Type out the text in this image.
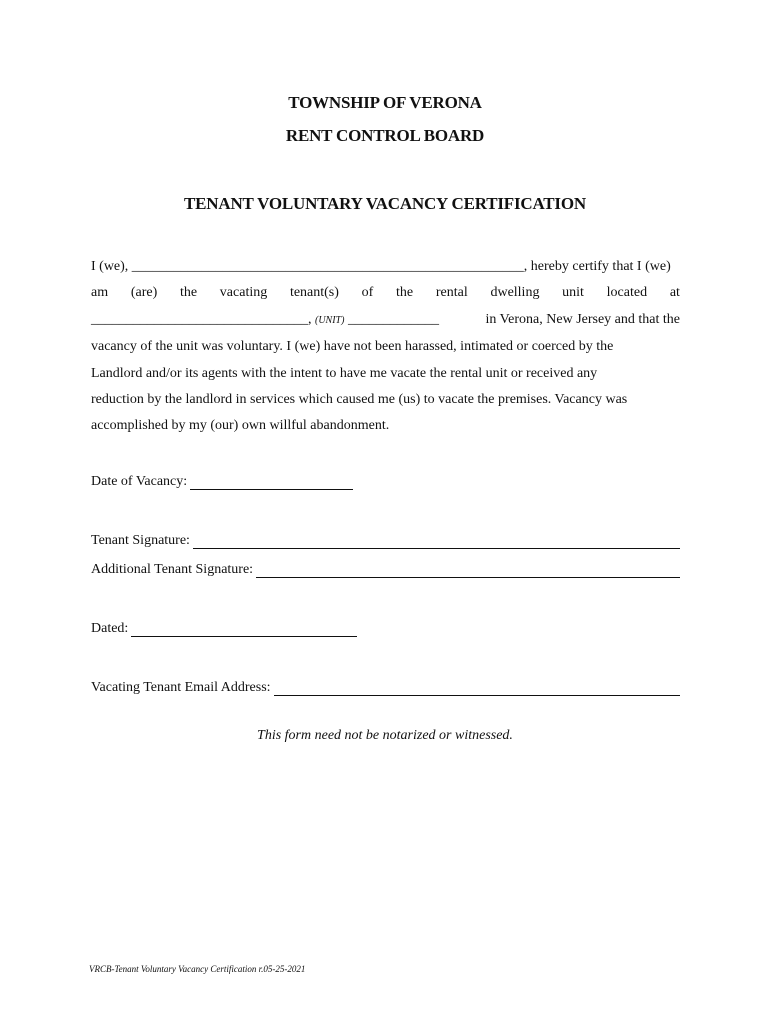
TOWNSHIP OF VERONA
RENT CONTROL BOARD
TENANT VOLUNTARY VACANCY CERTIFICATION
I (we), ________________________________________________________, hereby certify that I (we)
am (are) the vacating tenant(s) of the rental dwelling unit located at
_______________________________, (UNIT) _____________	in Verona, New Jersey and that the
vacancy of the unit was voluntary. I (we) have not been harassed, intimated or coerced by the
Landlord and/or its agents with the intent to have me vacate the rental unit or received any
reduction by the landlord in services which caused me (us) to vacate the premises. Vacancy was
accomplished by my (our) own willful abandonment.
Date of Vacancy:
Tenant Signature:
Additional Tenant Signature:
Dated:
Vacating Tenant Email Address:
This form need not be notarized or witnessed.
VRCB-Tenant Voluntary Vacancy Certification r.05-25-2021
